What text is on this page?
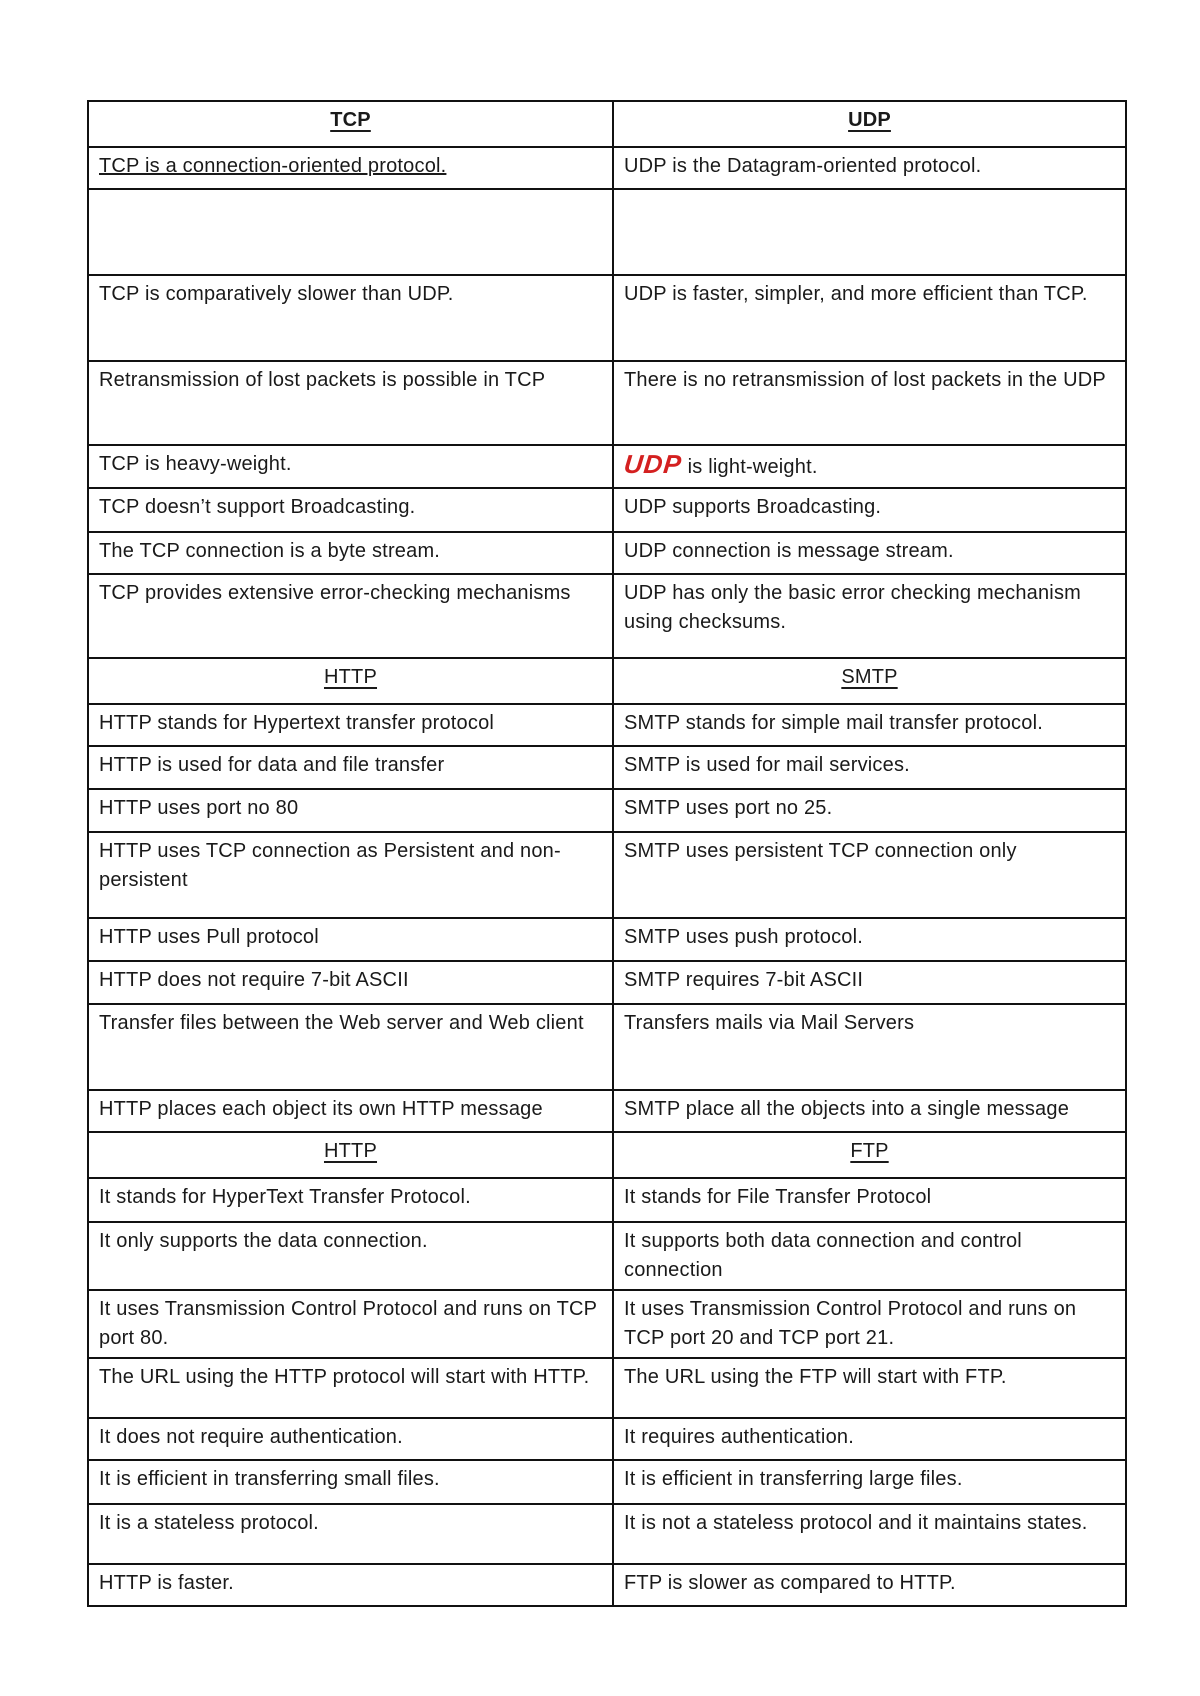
TCP	UDP
TCP is a connection-oriented protocol.	UDP is the Datagram-oriented protocol.

TCP is comparatively slower than UDP.	UDP is faster, simpler, and more efficient than TCP.
Retransmission of lost packets is possible in TCP	There is no retransmission of lost packets in the UDP
TCP is heavy-weight.	UDP is light-weight.
TCP doesn’t support Broadcasting.	UDP supports Broadcasting.
The TCP connection is a byte stream.	UDP connection is message stream.
TCP provides extensive error-checking mechanisms	UDP has only the basic error checking mechanism using checksums.
HTTP	SMTP
HTTP stands for Hypertext transfer protocol	SMTP stands for simple mail transfer protocol.
HTTP is used for data and file transfer	SMTP is used for mail services.
HTTP uses port no 80	SMTP uses port no 25.
HTTP uses TCP connection as Persistent and non-persistent	SMTP uses persistent TCP connection only
HTTP uses Pull protocol	SMTP uses push protocol.
HTTP does not require 7-bit ASCII	SMTP requires 7-bit ASCII
Transfer files between the Web server and Web client	Transfers mails via Mail Servers
HTTP places each object its own HTTP message	SMTP place all the objects into a single message
HTTP	FTP
It stands for HyperText Transfer Protocol.	It stands for File Transfer Protocol
It only supports the data connection.	It supports both data connection and control connection
It uses Transmission Control Protocol and runs on TCP port 80.	It uses Transmission Control Protocol and runs on TCP port 20 and TCP port 21.
The URL using the HTTP protocol will start with HTTP.	The URL using the FTP will start with FTP.
It does not require authentication.	It requires authentication.
It is efficient in transferring small files.	It is efficient in transferring large files.
It is a stateless protocol.	It is not a stateless protocol and it maintains states.
HTTP is faster.	FTP is slower as compared to HTTP.
